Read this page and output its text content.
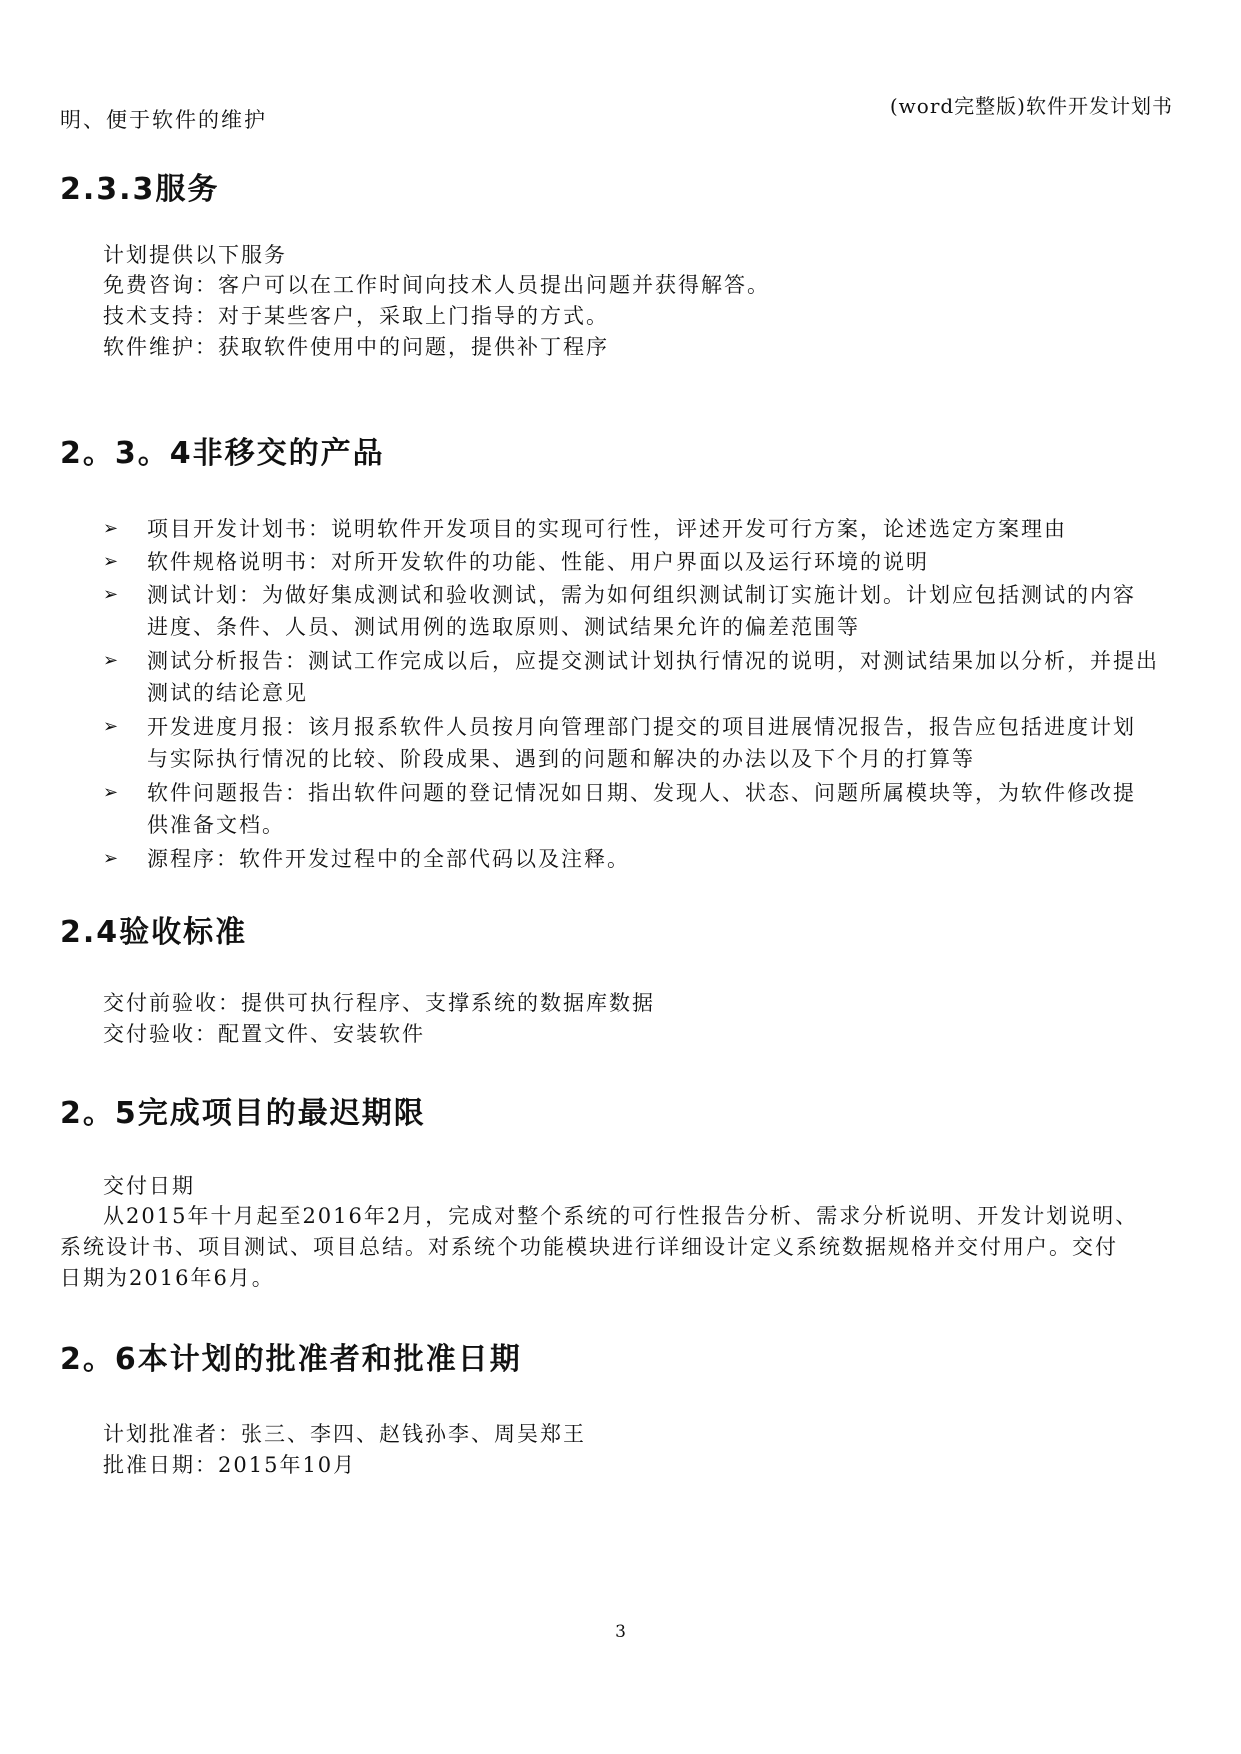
(word完整版)软件开发计划书
明、便于软件的维护
2.3.3服务
计划提供以下服务
免费咨询：客户可以在工作时间向技术人员提出问题并获得解答。
技术支持：对于某些客户，采取上门指导的方式。
软件维护：获取软件使用中的问题，提供补丁程序
2。3。4非移交的产品
➢ 项目开发计划书：说明软件开发项目的实现可行性，评述开发可行方案，论述选定方案理由
➢ 软件规格说明书：对所开发软件的功能、性能、用户界面以及运行环境的说明
➢ 测试计划：为做好集成测试和验收测试，需为如何组织测试制订实施计划。计划应包括测试的内容
进度、条件、人员、测试用例的选取原则、测试结果允许的偏差范围等
➢ 测试分析报告：测试工作完成以后，应提交测试计划执行情况的说明，对测试结果加以分析，并提出
测试的结论意见
➢ 开发进度月报：该月报系软件人员按月向管理部门提交的项目进展情况报告，报告应包括进度计划
与实际执行情况的比较、阶段成果、遇到的问题和解决的办法以及下个月的打算等
➢ 软件问题报告：指出软件问题的登记情况如日期、发现人、状态、问题所属模块等，为软件修改提
供准备文档。
➢ 源程序：软件开发过程中的全部代码以及注释。
2.4验收标准
交付前验收：提供可执行程序、支撑系统的数据库数据
交付验收：配置文件、安装软件
2。5完成项目的最迟期限
交付日期
从2015年十月起至2016年2月，完成对整个系统的可行性报告分析、需求分析说明、开发计划说明、
系统设计书、项目测试、项目总结。对系统个功能模块进行详细设计定义系统数据规格并交付用户。交付
日期为2016年6月。
2。6本计划的批准者和批准日期
计划批准者：张三、李四、赵钱孙李、周吴郑王
批准日期：2015年10月
3
